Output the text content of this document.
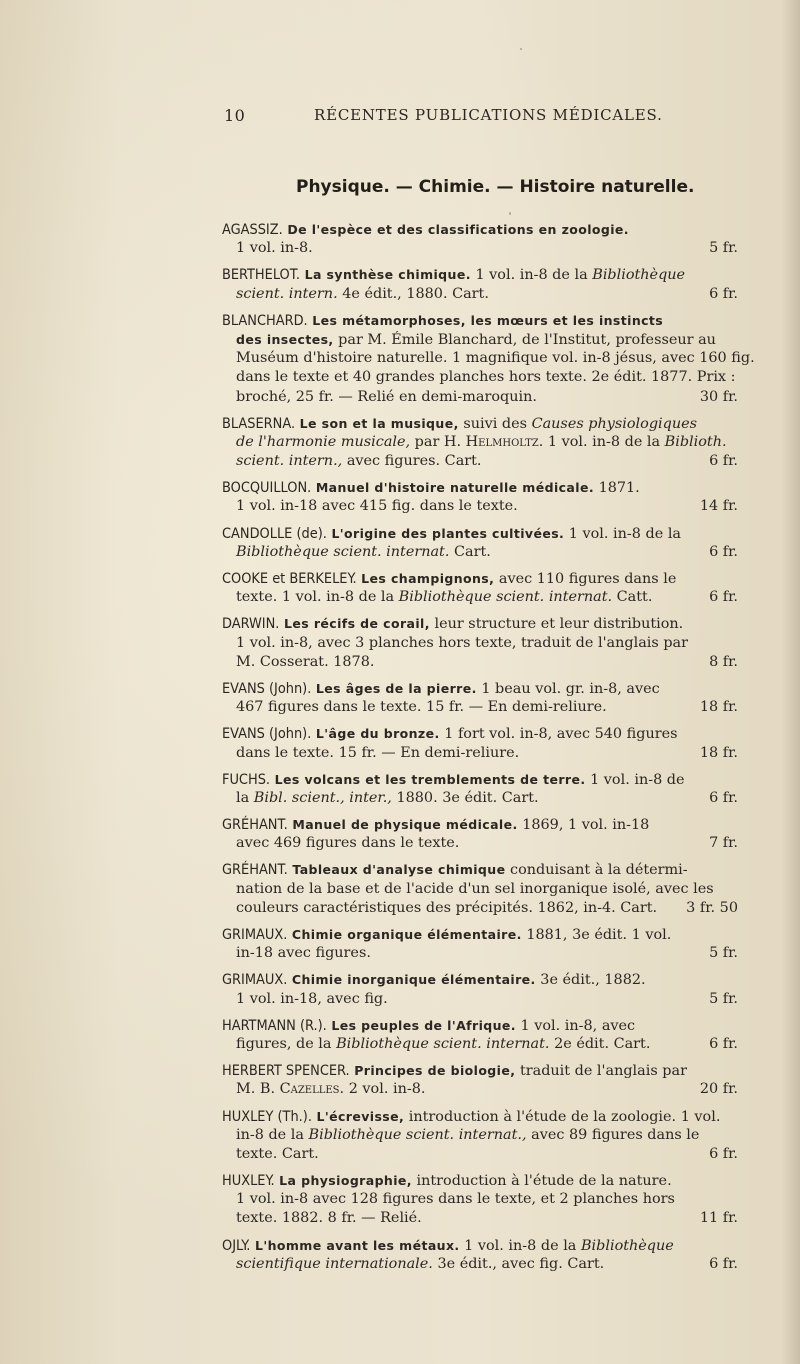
10	RÉCENTES PUBLICATIONS MÉDICALES.
Physique. — Chimie. — Histoire naturelle.
AGASSIZ. De l'espèce et des classifications en zoologie.
1 vol. in-8.	5 fr.
BERTHELOT. La synthèse chimique. 1 vol. in-8 de la Bibliothèque
scient. intern. 4e édit., 1880. Cart.	6 fr.
BLANCHARD. Les métamorphoses, les mœurs et les instincts
des insectes, par M. Émile Blanchard, de l'Institut, professeur au
Muséum d'histoire naturelle. 1 magnifique vol. in-8 jésus, avec 160 fig.
dans le texte et 40 grandes planches hors texte. 2e édit. 1877. Prix :
broché, 25 fr. — Relié en demi-maroquin.	30 fr.
BLASERNA. Le son et la musique, suivi des Causes physiologiques
de l'harmonie musicale, par H. Helmholtz. 1 vol. in-8 de la Biblioth.
scient. intern., avec figures. Cart.	6 fr.
BOCQUILLON. Manuel d'histoire naturelle médicale. 1871.
1 vol. in-18 avec 415 fig. dans le texte.	14 fr.
CANDOLLE (de). L'origine des plantes cultivées. 1 vol. in-8 de la
Bibliothèque scient. internat. Cart.	6 fr.
COOKE et BERKELEY. Les champignons, avec 110 figures dans le
texte. 1 vol. in-8 de la Bibliothèque scient. internat. Catt.	6 fr.
DARWIN. Les récifs de corail, leur structure et leur distribution.
1 vol. in-8, avec 3 planches hors texte, traduit de l'anglais par
M. Cosserat. 1878.	8 fr.
EVANS (John). Les âges de la pierre. 1 beau vol. gr. in-8, avec
467 figures dans le texte. 15 fr. — En demi-reliure.	18 fr.
EVANS (John). L'âge du bronze. 1 fort vol. in-8, avec 540 figures
dans le texte. 15 fr. — En demi-reliure.	18 fr.
FUCHS. Les volcans et les tremblements de terre. 1 vol. in-8 de
la Bibl. scient., inter., 1880. 3e édit. Cart.	6 fr.
GRÉHANT. Manuel de physique médicale. 1869, 1 vol. in-18
avec 469 figures dans le texte.	7 fr.
GRÉHANT. Tableaux d'analyse chimique conduisant à la détermi-
nation de la base et de l'acide d'un sel inorganique isolé, avec les
couleurs caractéristiques des précipités. 1862, in-4. Cart. 3 fr. 50
GRIMAUX. Chimie organique élémentaire. 1881, 3e édit. 1 vol.
in-18 avec figures.	5 fr.
GRIMAUX. Chimie inorganique élémentaire. 3e édit., 1882.
1 vol. in-18, avec fig.	5 fr.
HARTMANN (R.). Les peuples de l'Afrique. 1 vol. in-8, avec
figures, de la Bibliothèque scient. internat. 2e édit. Cart.	6 fr.
HERBERT SPENCER. Principes de biologie, traduit de l'anglais par
M. B. Cazelles. 2 vol. in-8.	20 fr.
HUXLEY (Th.). L'écrevisse, introduction à l'étude de la zoologie. 1 vol.
in-8 de la Bibliothèque scient. internat., avec 89 figures dans le
texte. Cart.	6 fr.
HUXLEY. La physiographie, introduction à l'étude de la nature.
1 vol. in-8 avec 128 figures dans le texte, et 2 planches hors
texte. 1882. 8 fr. — Relié.	11 fr.
OJLY. L'homme avant les métaux. 1 vol. in-8 de la Bibliothèque
scientifique internationale. 3e édit., avec fig. Cart.	6 fr.
